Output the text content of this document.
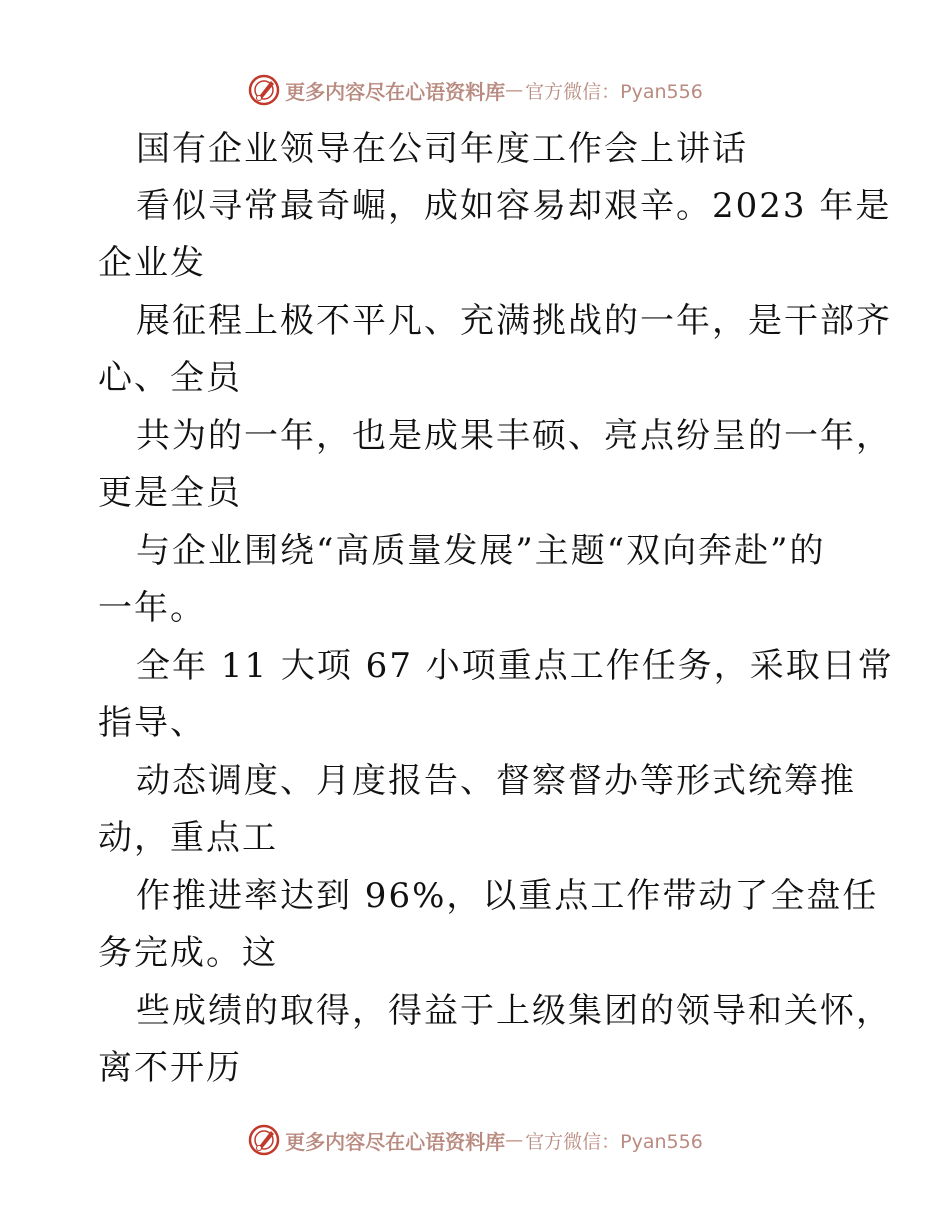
更多内容尽在心语资料库 — 官方微信：Pyan556
国有企业领导在公司年度工作会上讲话
看似寻常最奇崛，成如容易却艰辛。2023 年是
企业发
展征程上极不平凡、充满挑战的一年，是干部齐
心、全员
共为的一年，也是成果丰硕、亮点纷呈的一年，
更是全员
与企业围绕“高质量发展”主题“双向奔赴”的
一年。
全年 11 大项 67 小项重点工作任务，采取日常
指导、
动态调度、月度报告、督察督办等形式统筹推
动，重点工
作推进率达到 96%，以重点工作带动了全盘任
务完成。这
些成绩的取得，得益于上级集团的领导和关怀，
离不开历
更多内容尽在心语资料库 — 官方微信：Pyan556
